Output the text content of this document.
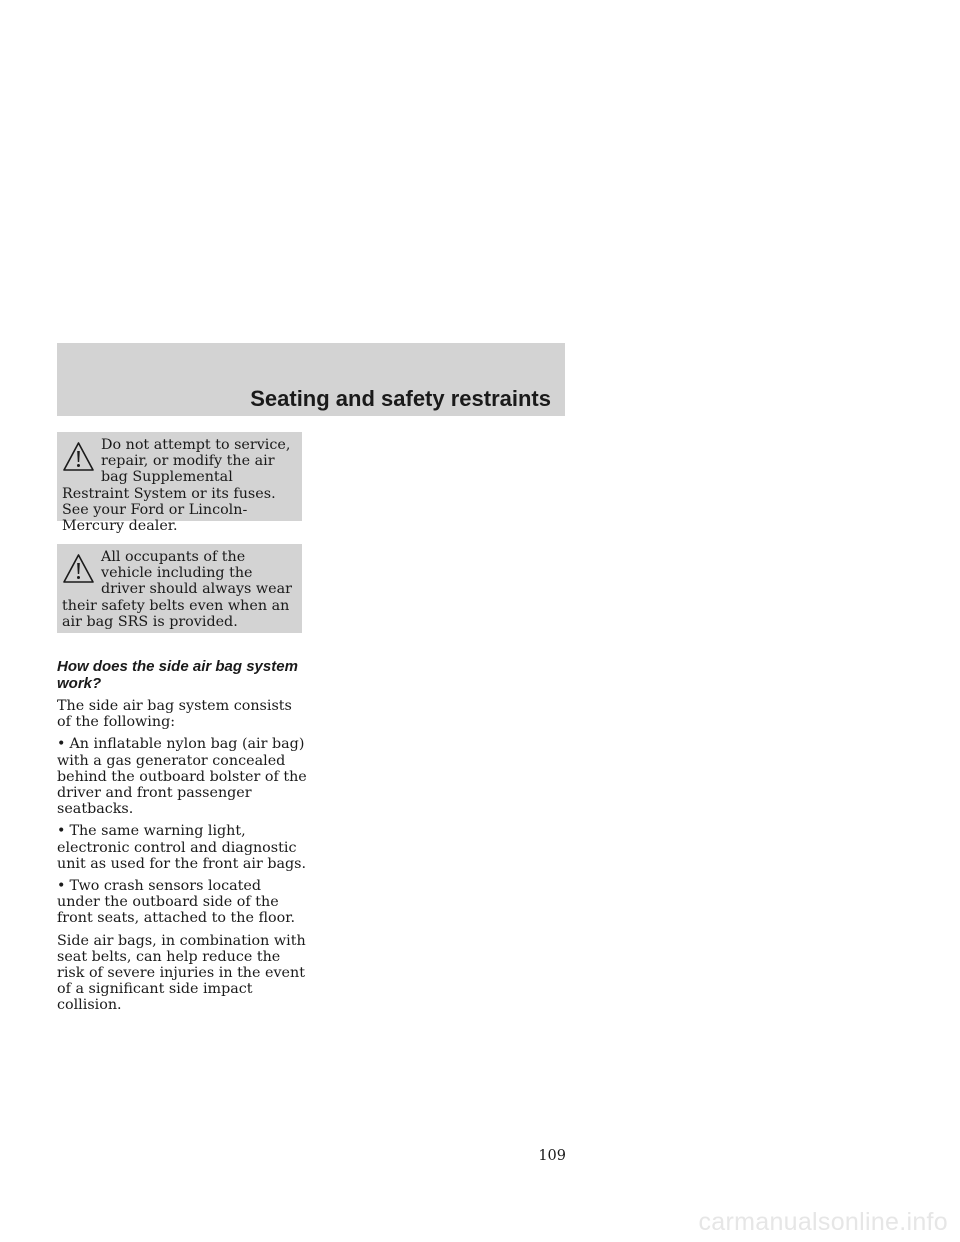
Seating and safety restraints

Do not attempt to service, repair, or modify the air bag Supplemental Restraint System or its fuses. See your Ford or Lincoln-Mercury dealer.

All occupants of the vehicle including the driver should always wear their safety belts even when an air bag SRS is provided.

How does the side air bag system work?

The side air bag system consists of the following:

• An inflatable nylon bag (air bag) with a gas generator concealed behind the outboard bolster of the driver and front passenger seatbacks.

• The same warning light, electronic control and diagnostic unit as used for the front air bags.

• Two crash sensors located under the outboard side of the front seats, attached to the floor.

Side air bags, in combination with seat belts, can help reduce the risk of severe injuries in the event of a significant side impact collision.

109

carmanualsonline.info
